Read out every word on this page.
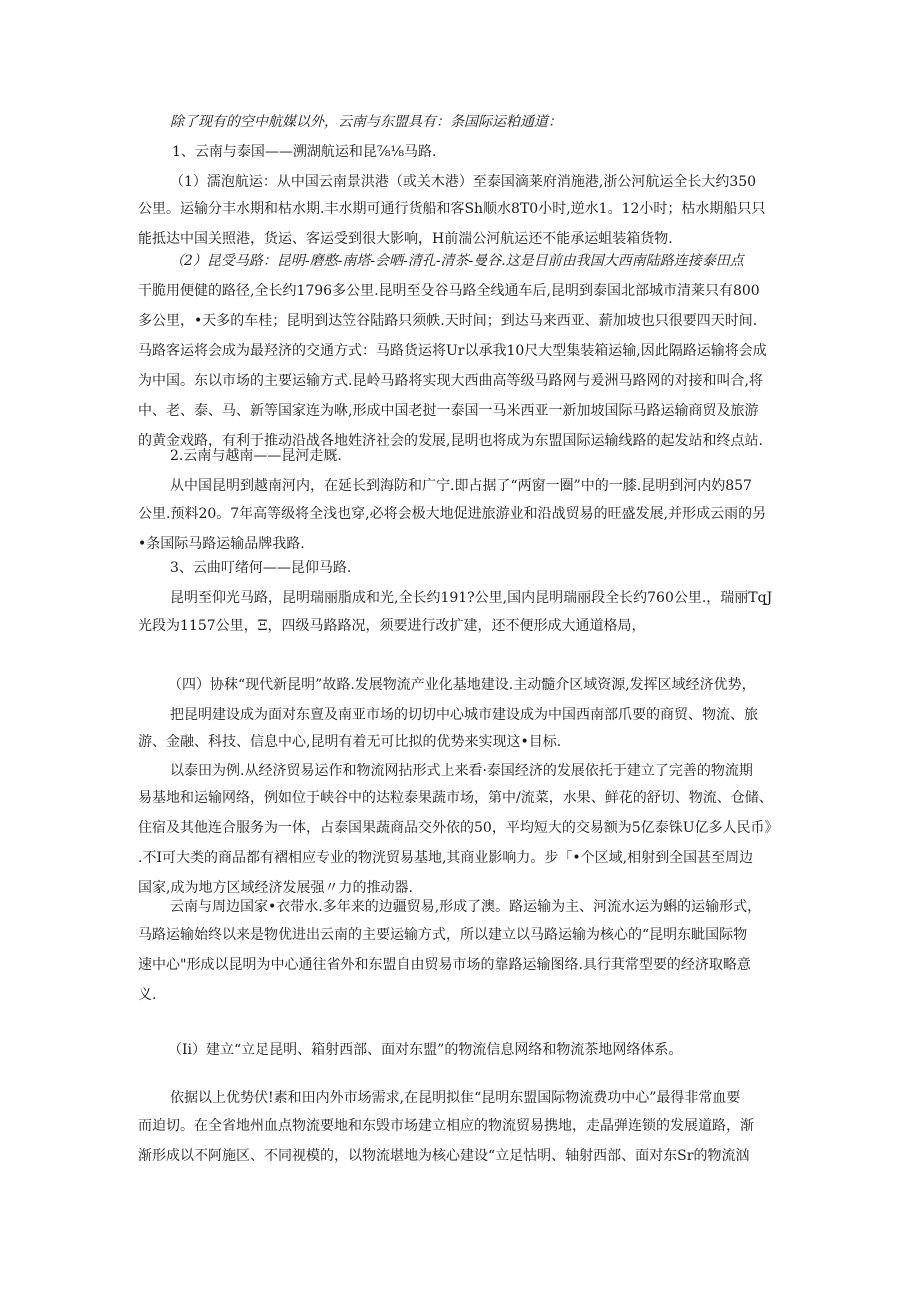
除了现有的空中航媒以外，云南与东盟具有：条国际运粕通道：
1、云南与泰国——溯湖航运和昆⅞⅛马路.
（1）濡泡航运：从中国云南景洪港（或关木港）至泰国滴莱府消施港,浙公河航运全长大约350
公里。运输分丰水期和枯水期.丰水期可通行货船和客Sh顺水8T0小时,逆水1。12小时；枯水期船只只
能抵达中国关照港，货运、客运受到很大影响，H前湍公河航运还不能承运蛆装箱货物.
（2）昆受马路：昆明-磨憨-南塔-会晒-清孔-清茶-曼谷.这是目前由我国大西南陆路连接泰田点
干脆用便健的路径,全长约1796多公里.昆明至殳谷马路全线通车后,昆明到泰国北部城市清莱只有800
多公里，•天多的车桂；昆明到达笠谷陆路只须帙.天时间；到达马来西亚、薪加坡也只很要四天时间.
马路客运将会成为最羟济的交通方式：马路货运将Ur以承我10尺大型集装箱运输,因此隔路运输将会成
为中国。东以市场的主要运输方式.昆岭马路将实现大西曲高等级马路网与爰洲马路网的对接和叫合,将
中、老、泰、马、新等国家连为咻,形成中国老挝一泰国一马米西亚一新加坡国际马路运输商贸及旅游
的黄金戏路，有利于推动沿战各地姓济社会的发展,昆明也将成为东盟国际运输线路的起发站和终点站.
2.云南与越南——昆河走厩.
从中国昆明到越南河内，在延长到海防和广宁.即占据了“两窗一圈”中的一膝.昆明到河内妁857
公里.预料20。7年高等级将全浅也穿,必将会极大地促进旅游业和沿战贸易的旺盛发展,并形成云雨的另
•条国际马路运输品牌我路.
3、云曲叮绪何——昆仰马路.
昆明至仰光马路，昆明瑞丽脂成和光,全长约191?公里,国内昆明瑞丽段全长约760公里.，瑞丽TqJ
光段为1157公里，Ξ，四级马路路况，须要进行改扩建，还不便形成大通道格局，
（四）协秣“现代新昆明”故路.发展物流产业化基地建设.主动髓介区域资源,发挥区域经济优势，
把昆明建设成为面对东亶及南亚市场的切切中心城市建设成为中国西南部爪要的商贸、物流、旅
游、金融、科技、信息中心,昆明有着无可比拟的优势来实现这•目标.
以泰田为例.从经济贸易运作和物流网拈形式上来看·泰国经济的发展依托于建立了完善的物流期
易基地和运输网络，例如位于峡谷中的达粒泰果蔬市场，第中/流菜，水果、鲜花的舒切、物流、仓储、
住宿及其他连合服务为一体，占泰国果蔬商品交外依的50，平均短大的交易额为5亿泰铢U亿多人民币》
.不I可大类的商品都有褶相应专业的物洸贸易基地,其商业影响力。步「•个区域,相射到全国甚至周边
国家,成为地方区域经济发展强〃力的推动器.
云南与周边国家•衣带水.多年来的边疆贸易,形成了澳。路运输为主、河流水运为蝌的运输形式，
马路运输始终以来是物优进出云南的主要运输方式，所以建立以马路运输为核心的“昆明东眦国际物
速中心"形成以昆明为中心通往省外和东盟自由贸易市场的靠路运输图络.具行萁常型要的经济取略意
义.
（Ii）建立“立足昆明、箱射西部、面对东盟”的物流信息网络和物流茶地网络体系。
依据以上优势伏!素和田内外市场需求,在昆明拟隹“昆明东盟国际物流费功中心”最得非常血要
而迫切。在全省地州血点物流要地和东毁市场建立相应的物流贸易携地，走晶弹连锁的发展道路，渐
渐形成以不阿施区、不同视模的，以物流堪地为核心建设“立足怙明、轴射西部、面对东Sr的物流汹
